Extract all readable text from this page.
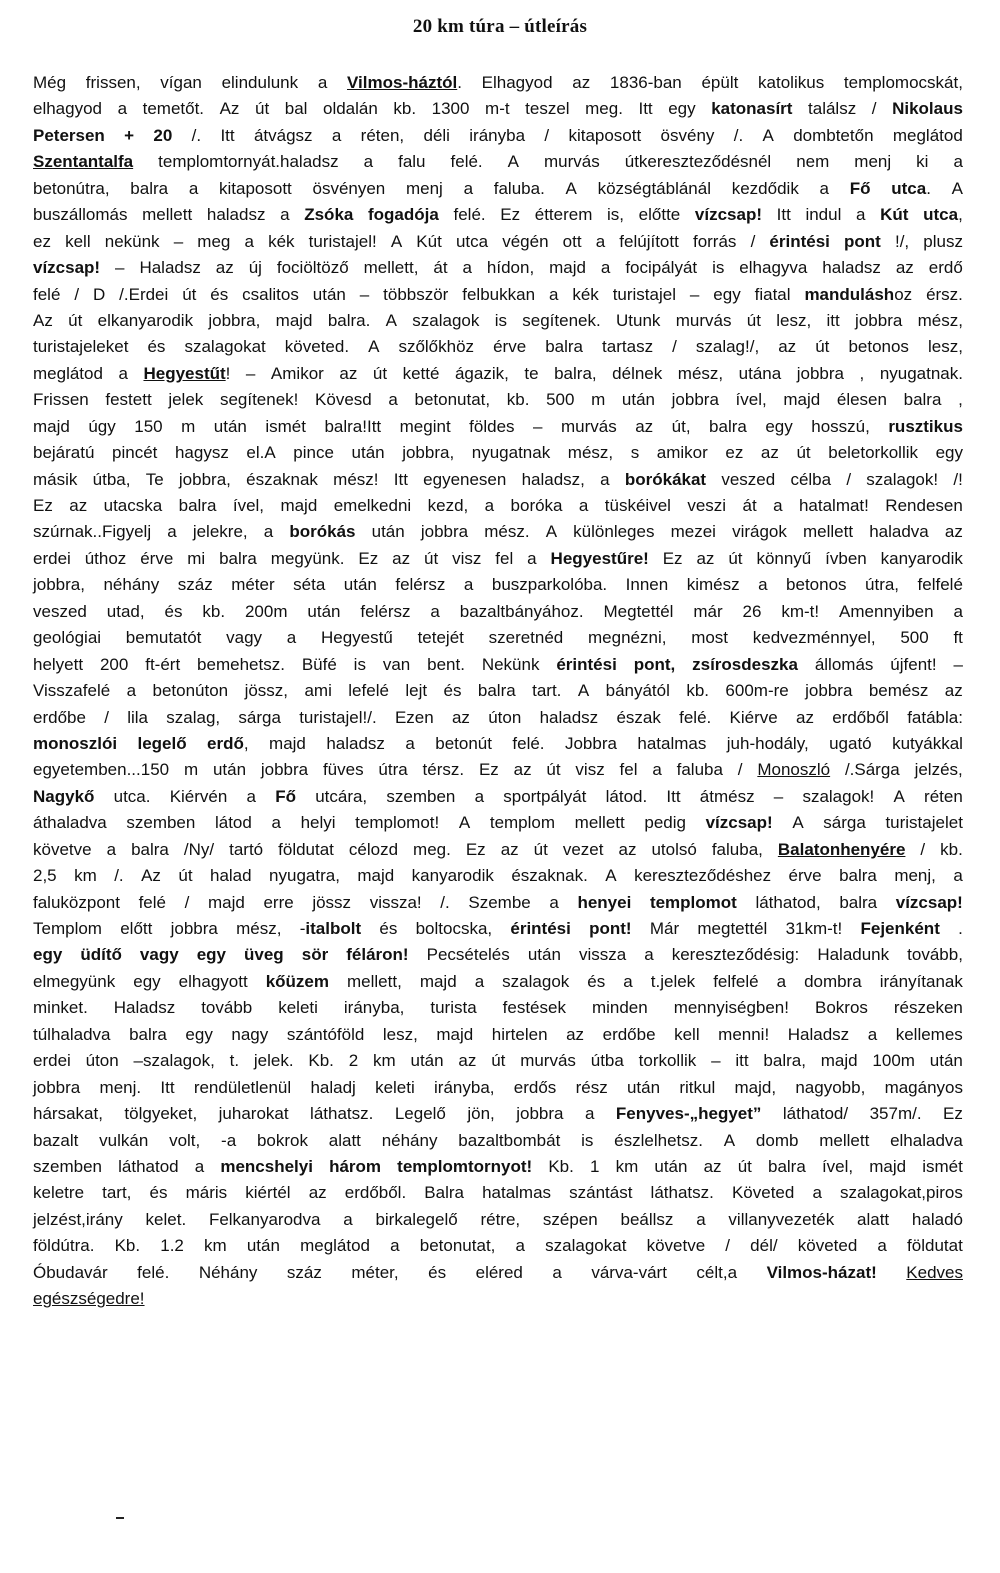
20 km túra – útleírás
Még frissen, vígan elindulunk a Vilmos-háztól. Elhagyod az 1836-ban épült katolikus templomocskát,
elhagyod a temetőt. Az út bal oldalán kb. 1300 m-t teszel meg. Itt egy katonasírt találsz / Nikolaus
Petersen + 20 /. Itt átvágsz a réten, déli irányba / kitaposott ösvény /. A dombtetőn meglátod
Szentantalfa templomtornyát.haladsz a falu felé. A murvás útkereszteződésnél nem menj ki a
betonútra, balra a kitaposott ösvényen menj a faluba. A községtáblánál kezdődik a Fő utca. A
buszállomás mellett haladsz a Zsóka fogadója felé. Ez étterem is, előtte vízcsap! Itt indul a Kút utca,
ez kell nekünk – meg a kék turistajel! A Kút utca végén ott a felújított forrás / érintési pont !/, plusz
vízcsap! – Haladsz az új fociöltöző mellett, át a hídon, majd a focipályát is elhagyva haladsz az erdő
felé / D /.Erdei út és csalitos után – többször felbukkan a kék turistajel – egy fiatal manduláshoz érsz.
Az út elkanyarodik jobbra, majd balra. A szalagok is segítenek. Utunk murvás út lesz, itt jobbra mész,
turistajeleket és szalagokat követed. A szőlőkhöz érve balra tartasz / szalag!/, az út betonos lesz,
meglátod a Hegyestűt! – Amikor az út ketté ágazik, te balra, délnek mész, utána jobbra , nyugatnak.
Frissen festett jelek segítenek! Kövesd a betonutat, kb. 500 m után jobbra ível, majd élesen balra ,
majd úgy 150 m után ismét balra!Itt megint földes – murvás az út, balra egy hosszú, rusztikus
bejáratú pincét hagysz el.A pince után jobbra, nyugatnak mész, s amikor ez az út beletorkollik egy
másik útba, Te jobbra, északnak mész! Itt egyenesen haladsz, a borókákat veszed célba / szalagok! /!
Ez az utacska balra ível, majd emelkedni kezd, a boróka a tüskéivel veszi át a hatalmat! Rendesen
szúrnak..Figyelj a jelekre, a borókás után jobbra mész. A különleges mezei virágok mellett haladva az
erdei úthoz érve mi balra megyünk. Ez az út visz fel a Hegyestűre! Ez az út könnyű ívben kanyarodik
jobbra, néhány száz méter séta után felérsz a buszparkolóba. Innen kimész a betonos útra, felfelé
veszed utad, és kb. 200m után felérsz a bazaltbányához. Megtettél már 26 km-t! Amennyiben a
geológiai bemutatót vagy a Hegyestű tetejét szeretnéd megnézni, most kedvezménnyel, 500 ft
helyett 200 ft-ért bemehetsz. Büfé is van bent. Nekünk érintési pont, zsírosdeszka állomás újfent! –
Visszafelé a betonúton jössz, ami lefelé lejt és balra tart. A bányától kb. 600m-re jobbra bemész az
erdőbe / lila szalag, sárga turistajel!/. Ezen az úton haladsz észak felé. Kiérve az erdőből fatábla:
monoszlói legelő erdő, majd haladsz a betonút felé. Jobbra hatalmas juh-hodály, ugató kutyákkal
egyetemben...150 m után jobbra füves útra térsz. Ez az út visz fel a faluba / Monoszló /.Sárga jelzés,
Nagykő utca. Kiérvén a Fő utcára, szemben a sportpályát látod. Itt átmész – szalagok! A réten
áthaladva szemben látod a helyi templomot! A templom mellett pedig vízcsap! A sárga turistajelet
követve a balra /Ny/ tartó földutat célozd meg. Ez az út vezet az utolsó faluba, Balatonhenyére / kb.
2,5 km /. Az út halad nyugatra, majd kanyarodik északnak. A kereszteződéshez érve balra menj, a
faluközpont felé / majd erre jössz vissza! /. Szembe a henyei templomot láthatod, balra vízcsap!
Templom előtt jobbra mész, -italbolt és boltocska, érintési pont! Már megtettél 31km-t! Fejenként .
egy üdítő vagy egy üveg sör féláron! Pecsételés után vissza a kereszteződésig: Haladunk tovább,
elmegyünk egy elhagyott kőüzem mellett, majd a szalagok és a t.jelek felfelé a dombra irányítanak
minket. Haladsz tovább keleti irányba, turista festések minden mennyiségben! Bokros részeken
túlhaladva balra egy nagy szántóföld lesz, majd hirtelen az erdőbe kell menni! Haladsz a kellemes
erdei úton –szalagok, t. jelek. Kb. 2 km után az út murvás útba torkollik – itt balra, majd 100m után
jobbra menj. Itt rendületlenül haladj keleti irányba, erdős rész után ritkul majd, nagyobb, magányos
hársakat, tölgyeket, juharokat láthatsz. Legelő jön, jobbra a Fenyves-„hegyet” láthatod/ 357m/. Ez
bazalt vulkán volt, -a bokrok alatt néhány bazaltbombát is észlelhetsz. A domb mellett elhaladva
szemben láthatod a mencshelyi három templomtornyot! Kb. 1 km után az út balra ível, majd ismét
keletre tart, és máris kiértél az erdőből. Balra hatalmas szántást láthatsz. Követed a szalagokat,piros
jelzést,irány kelet. Felkanyarodva a birkalegelő rétre, szépen beállsz a villanyvezeték alatt haladó
földútra. Kb. 1.2 km után meglátod a betonutat, a szalagokat követve / dél/ követed a földutat
Óbudavár felé. Néhány száz méter, és eléred a várva-várt célt,a Vilmos-házat! Kedves
egészségedre!
